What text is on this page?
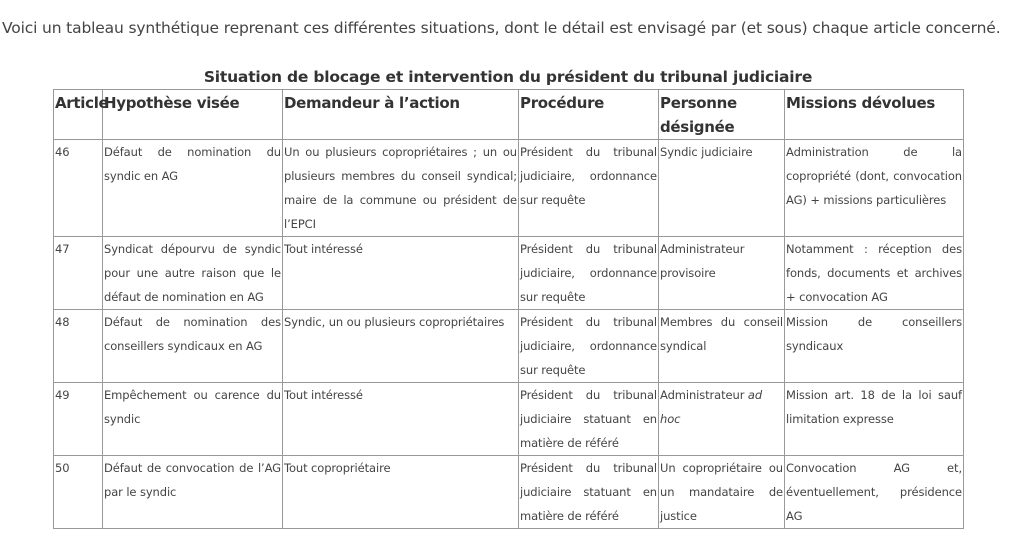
Voici un tableau synthétique reprenant ces différentes situations, dont le détail est envisagé par (et sous) chaque article concerné.
Situation de blocage et intervention du président du tribunal judiciaire
Article	Hypothèse visée	Demandeur à l’action	Procédure	Personne désignée	Missions dévolues
46	Défaut de nomination du syndic en AG	Un ou plusieurs copropriétaires ; un ou plusieurs membres du conseil syndical; maire de la commune ou président de l’EPCI	Président du tribunal judiciaire, ordonnance sur requête	Syndic judiciaire	Administration de la copropriété (dont, convocation AG) + missions particulières
47	Syndicat dépourvu de syndic pour une autre raison que le défaut de nomination en AG	Tout intéressé	Président du tribunal judiciaire, ordonnance sur requête	Administrateur provisoire	Notamment : réception des fonds, documents et archives + convocation AG
48	Défaut de nomination des conseillers syndicaux en AG	Syndic, un ou plusieurs copropriétaires	Président du tribunal judiciaire, ordonnance sur requête	Membres du conseil syndical	Mission de conseillers syndicaux
49	Empêchement ou carence du syndic	Tout intéressé	Président du tribunal judiciaire statuant en matière de référé	Administrateur ad hoc	Mission art. 18 de la loi sauf limitation expresse
50	Défaut de convocation de l’AG par le syndic	Tout copropriétaire	Président du tribunal judiciaire statuant en matière de référé	Un copropriétaire ou un mandataire de justice	Convocation AG et, éventuellement, présidence AG
